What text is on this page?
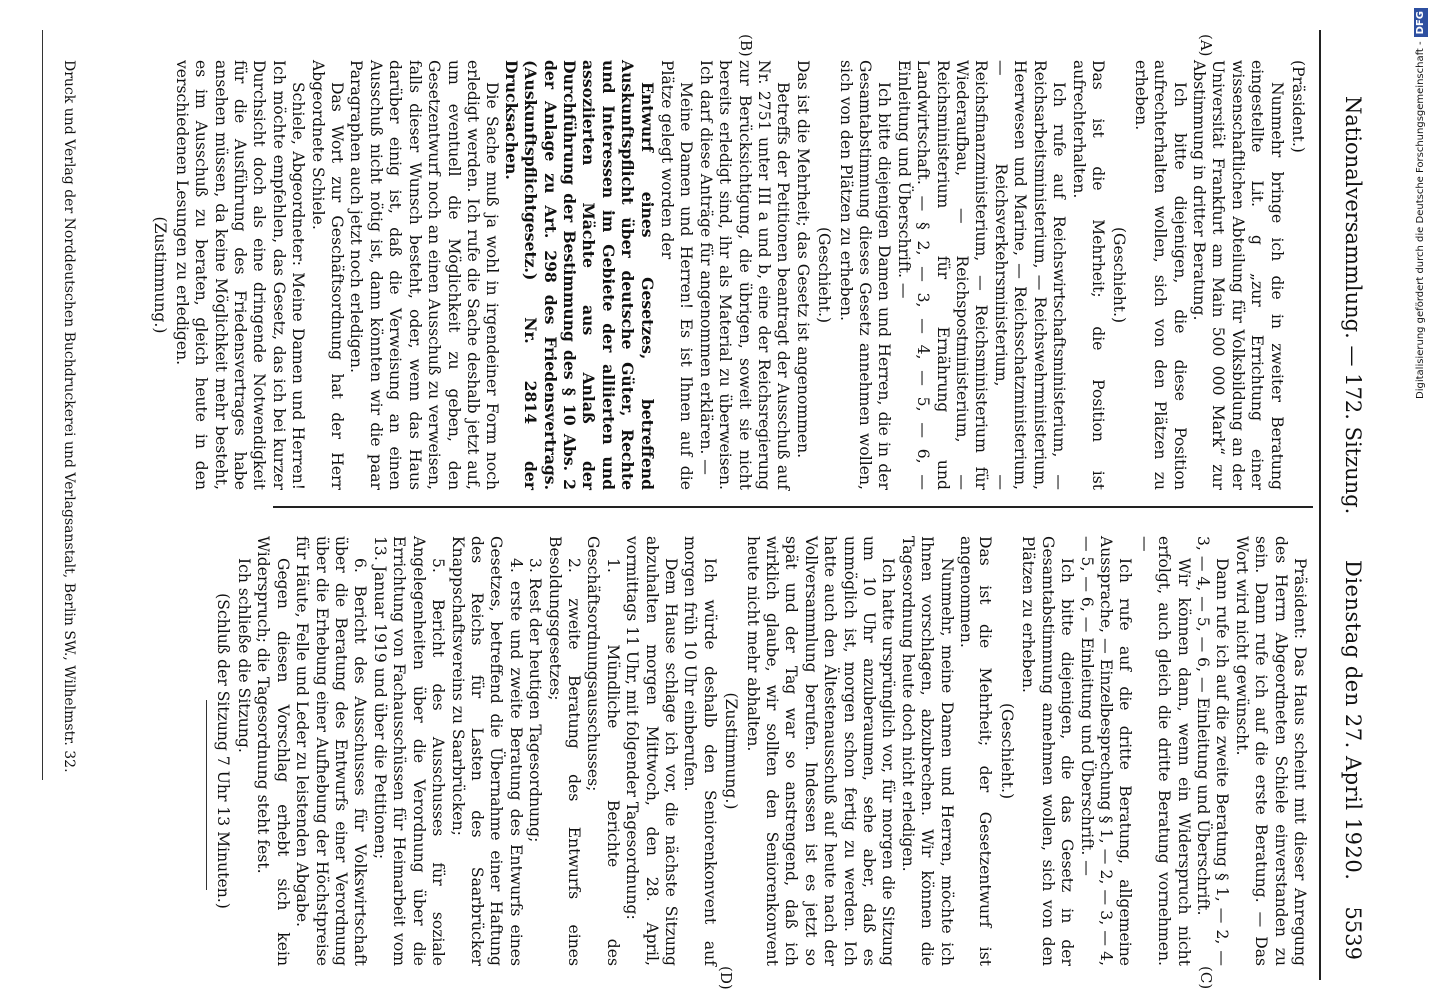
Nationalversammlung. — 172. Sitzung.
Dienstag den 27. April 1920.
5539
(A)
(B)
(C)
(D)

(Präsident.)

Nunmehr bringe ich die in zweiter Beratung eingestellte Lit. g „zur Errichtung einer wissenschaftlichen Abteilung für Volksbildung an der Universität Frankfurt am Main 500 000 Mark“ zur Abstimmung in dritter Beratung.

Ich bitte diejenigen, die diese Position aufrechterhalten wollen, sich von den Plätzen zu erheben.

(Geschieht.)

Das ist die Mehrheit; die Position ist aufrechterhalten.

Ich rufe auf Reichswirtschaftsministerium, — Reichsarbeitsministerium, — Reichswehrministerium, Heerwesen und Marine, — Reichsschatzministerium, — Reichsverkehrsministerium, — Reichsfinanzministerium, — Reichsministerium für Wiederaufbau, — Reichspostministerium, — Reichsministerium für Ernährung und Landwirtschaft. — § 2, — 3, — 4, — 5, — 6, — Einleitung und Überschrift. —

Ich bitte diejenigen Damen und Herren, die in der Gesamtabstimmung dieses Gesetz annehmen wollen, sich von den Plätzen zu erheben.

(Geschieht.)

Das ist die Mehrheit; das Gesetz ist angenommen.

Betreffs der Petitionen beantragt der Ausschuß auf Nr. 2751 unter III a und b, eine der Reichsregierung zur Berücksichtigung, die übrigen, soweit sie nicht bereits erledigt sind, ihr als Material zu überweisen. Ich darf diese Anträge für angenommen erklären. —

Meine Damen und Herren! Es ist Ihnen auf die Plätze gelegt worden der

Entwurf eines Gesetzes, betreffend Auskunftspflicht über deutsche Güter, Rechte und Interessen im Gebiete der alliierten und assoziierten Mächte aus Anlaß der Durchführung der Bestimmung des § 10 Abs. 2 der Anlage zu Art. 298 des Friedensvertrags. (Auskunftspflichtgesetz.) Nr. 2814 der Drucksachen.

Die Sache muß ja wohl in irgendeiner Form noch erledigt werden. Ich rufe die Sache deshalb jetzt auf, um eventuell die Möglichkeit zu geben, den Gesetzentwurf noch an einen Ausschuß zu verweisen, falls dieser Wunsch besteht, oder, wenn das Haus darüber einig ist, daß die Verweisung an einen Ausschuß nicht nötig ist, dann könnten wir die paar Paragraphen auch jetzt noch erledigen.

Das Wort zur Geschäftsordnung hat der Herr Abgeordnete Schiele.

Schiele, Abgeordneter: Meine Damen und Herren! Ich möchte empfehlen, das Gesetz, das ich bei kurzer Durchsicht doch als eine dringende Notwendigkeit für die Ausführung des Friedensvertrages habe ansehen müssen, da keine Möglichkeit mehr besteht, es im Ausschuß zu beraten, gleich heute in den verschiedenen Lesungen zu erledigen.

(Zustimmung.)

Präsident: Das Haus scheint mit dieser Anregung des Herrn Abgeordneten Schiele einverstanden zu sein. Dann rufe ich auf die erste Beratung. — Das Wort wird nicht gewünscht.

Dann rufe ich auf die zweite Beratung § 1, — 2, — 3, — 4, — 5, — 6, — Einleitung und Überschrift.

Wir können dann, wenn ein Widerspruch nicht erfolgt, auch gleich die dritte Beratung vornehmen. —

Ich rufe auf die dritte Beratung, allgemeine Aussprache, — Einzelbesprechung § 1, — 2, — 3, — 4, — 5, — 6, — Einleitung und Überschrift. —

Ich bitte diejenigen, die das Gesetz in der Gesamtabstimmung annehmen wollen, sich von den Plätzen zu erheben.

(Geschieht.)

Das ist die Mehrheit; der Gesetzentwurf ist angenommen.

Nunmehr, meine Damen und Herren, möchte ich Ihnen vorschlagen, abzubrechen. Wir können die Tagesordnung heute doch nicht erledigen.

Ich hatte ursprünglich vor, für morgen die Sitzung um 10 Uhr anzuberaumen, sehe aber, daß es unmöglich ist, morgen schon fertig zu werden. Ich hatte auch den Ältestenausschuß auf heute nach der Vollversammlung berufen. Indessen ist es jetzt so spät und der Tag war so anstrengend, daß ich wirklich glaube, wir sollten den Seniorenkonvent heute nicht mehr abhalten.

(Zustimmung.)

Ich würde deshalb den Seniorenkonvent auf morgen früh 10 Uhr einberufen.

Dem Hause schlage ich vor, die nächste Sitzung abzuhalten morgen Mittwoch, den 28. April, vormittags 11 Uhr, mit folgender Tagesordnung:

1. Mündliche Berichte des Geschäftsordnungsausschusses;

2. zweite Beratung des Entwurfs eines Besoldungsgesetzes;

3. Rest der heutigen Tagesordnung;

4. erste und zweite Beratung des Entwurfs eines Gesetzes, betreffend die Übernahme einer Haftung des Reichs für Lasten des Saarbrücker Knappschaftsvereins zu Saarbrücken;

5. Bericht des Ausschusses für soziale Angelegenheiten über die Verordnung über die Errichtung von Fachausschüssen für Heimarbeit vom 13. Januar 1919 und über die Petitionen;

6. Bericht des Ausschusses für Volkswirtschaft über die Beratung des Entwurfs einer Verordnung über die Erhebung einer Aufhebung der Höchstpreise für Häute, Felle und Leder zu leistenden Abgabe.

Gegen diesen Vorschlag erhebt sich kein Widerspruch; die Tagesordnung steht fest.

Ich schließe die Sitzung.

(Schluß der Sitzung 7 Uhr 13 Minuten.)

Druck und Verlag der Norddeutschen Buchdruckerei und Verlagsanstalt, Berlin SW., Wilhelmstr. 32.	Digitalisierung gefördert durch die Deutsche Forschungsgemeinschaft -DFG
